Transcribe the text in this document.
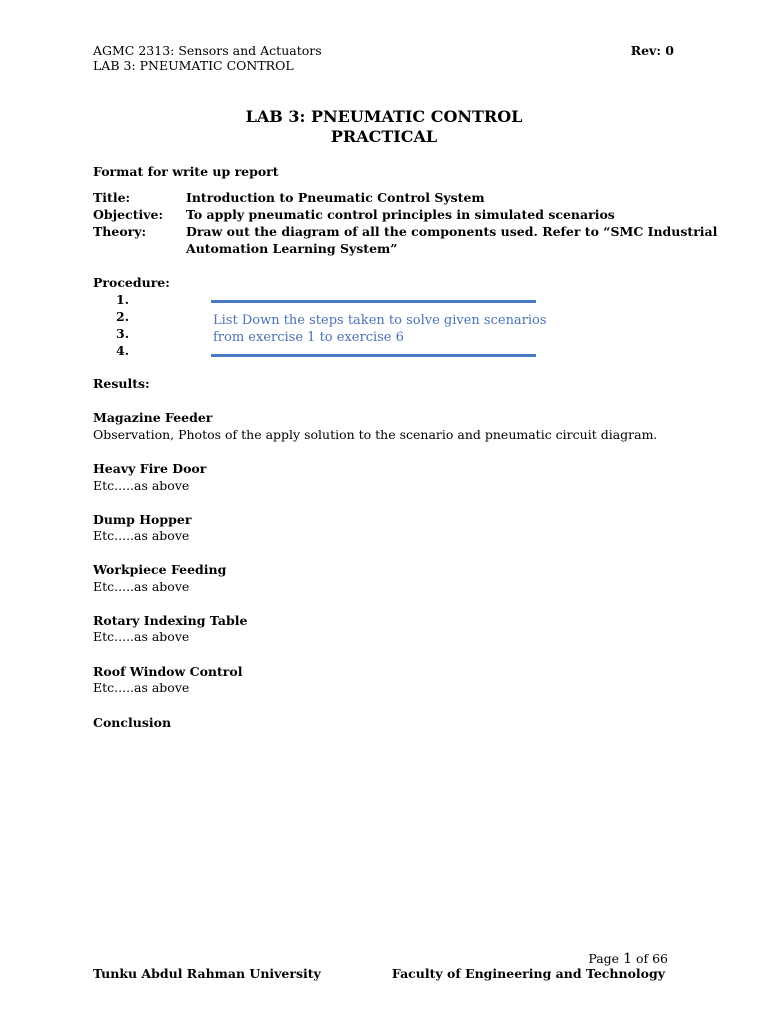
AGMC 2313: Sensors and Actuators
LAB 3: PNEUMATIC CONTROL
Rev: 0
LAB 3: PNEUMATIC CONTROL
PRACTICAL
Format for write up report
Title:	Introduction to Pneumatic Control System
Objective: To apply pneumatic control principles in simulated scenarios
Theory:	Draw out the diagram of all the components used. Refer to “SMC Industrial
Automation Learning System”
Procedure:
1.
2.
3.
4.
List Down the steps taken to solve given scenarios
from exercise 1 to exercise 6
Results:
Magazine Feeder
Observation, Photos of the apply solution to the scenario and pneumatic circuit diagram.
Heavy Fire Door
Etc.....as above
Dump Hopper
Etc.....as above
Workpiece Feeding
Etc.....as above
Rotary Indexing Table
Etc.....as above
Roof Window Control
Etc.....as above
Conclusion
Page 1 of 66
Tunku Abdul Rahman University	Faculty of Engineering and Technology
